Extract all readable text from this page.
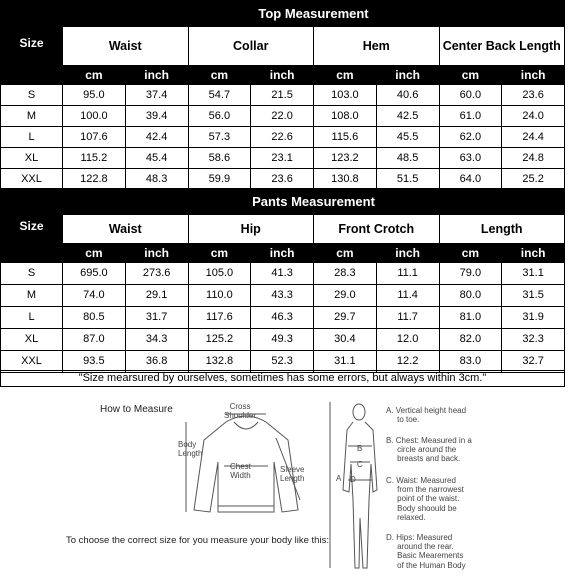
Size	Top Measurement							
	Waist		Collar		Hem		Center Back Length	
	cm	inch	cm	inch	cm	inch	cm	inch
S	95.0	37.4	54.7	21.5	103.0	40.6	60.0	23.6
M	100.0	39.4	56.0	22.0	108.0	42.5	61.0	24.0
L	107.6	42.4	57.3	22.6	115.6	45.5	62.0	24.4
XL	115.2	45.4	58.6	23.1	123.2	48.5	63.0	24.8
XXL	122.8	48.3	59.9	23.6	130.8	51.5	64.0	25.2
Size	Pants Measurement							
	Waist		Hip		Front Crotch		Length	
	cm	inch	cm	inch	cm	inch	cm	inch
S	695.0	273.6	105.0	41.3	28.3	11.1	79.0	31.1
M	74.0	29.1	110.0	43.3	29.0	11.4	80.0	31.5
L	80.5	31.7	117.6	46.3	29.7	11.7	81.0	31.9
XL	87.0	34.3	125.2	49.3	30.4	12.0	82.0	32.3
XXL	93.5	36.8	132.8	52.3	31.1	12.2	83.0	32.7
"Size mearsured by ourselves, sometimes has some errors, but always within 3cm."
How to Measure	Cross
Shoulder
Body
Length
Chest
Width
Sleeve
Length
To choose the correct size for you measure your body like this:
A
B
C
D
A. Vertical height head
to toe.
B. Chest: Measured in a
circle around the
breasts and back.
C. Waist: Measured
from the narrowest
point of the waist.
Body shoould be
relaxed.
D. Hips: Measured
around the rear.
Basic Mearements
of the Human Body
